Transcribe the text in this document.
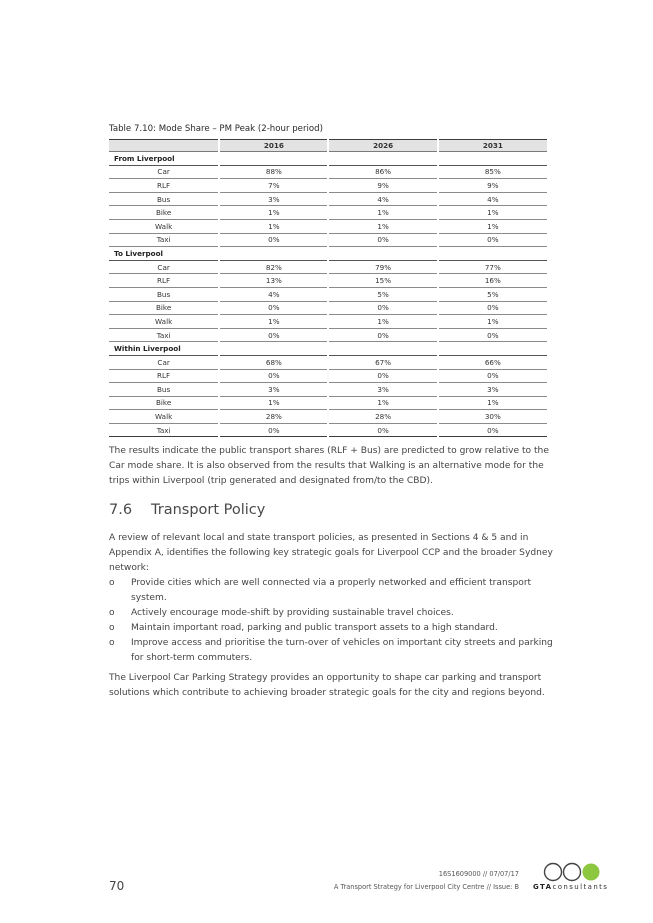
Table 7.10: Mode Share – PM Peak (2-hour period)
	2016	2026	2031
From Liverpool			
Car	88%	86%	85%
RLF	7%	9%	9%
Bus	3%	4%	4%
Bike	1%	1%	1%
Walk	1%	1%	1%
Taxi	0%	0%	0%
To Liverpool			
Car	82%	79%	77%
RLF	13%	15%	16%
Bus	4%	5%	5%
Bike	0%	0%	0%
Walk	1%	1%	1%
Taxi	0%	0%	0%
Within Liverpool			
Car	68%	67%	66%
RLF	0%	0%	0%
Bus	3%	3%	3%
Bike	1%	1%	1%
Walk	28%	28%	30%
Taxi	0%	0%	0%
The results indicate the public transport shares (RLF + Bus) are predicted to grow relative to the Car mode share. It is also observed from the results that Walking is an alternative mode for the trips within Liverpool (trip generated and designated from/to the CBD).
7.6 Transport Policy
A review of relevant local and state transport policies, as presented in Sections 4 & 5 and in Appendix A, identifies the following key strategic goals for Liverpool CCP and the broader Sydney network:
o Provide cities which are well connected via a properly networked and efficient transport system.
o Actively encourage mode-shift by providing sustainable travel choices.
o Maintain important road, parking and public transport assets to a high standard.
o Improve access and prioritise the turn-over of vehicles on important city streets and parking for short-term commuters.
The Liverpool Car Parking Strategy provides an opportunity to shape car parking and transport solutions which contribute to achieving broader strategic goals for the city and regions beyond.
70
16S1609000 // 07/07/17
A Transport Strategy for Liverpool City Centre // Issue: B GTAconsultants
